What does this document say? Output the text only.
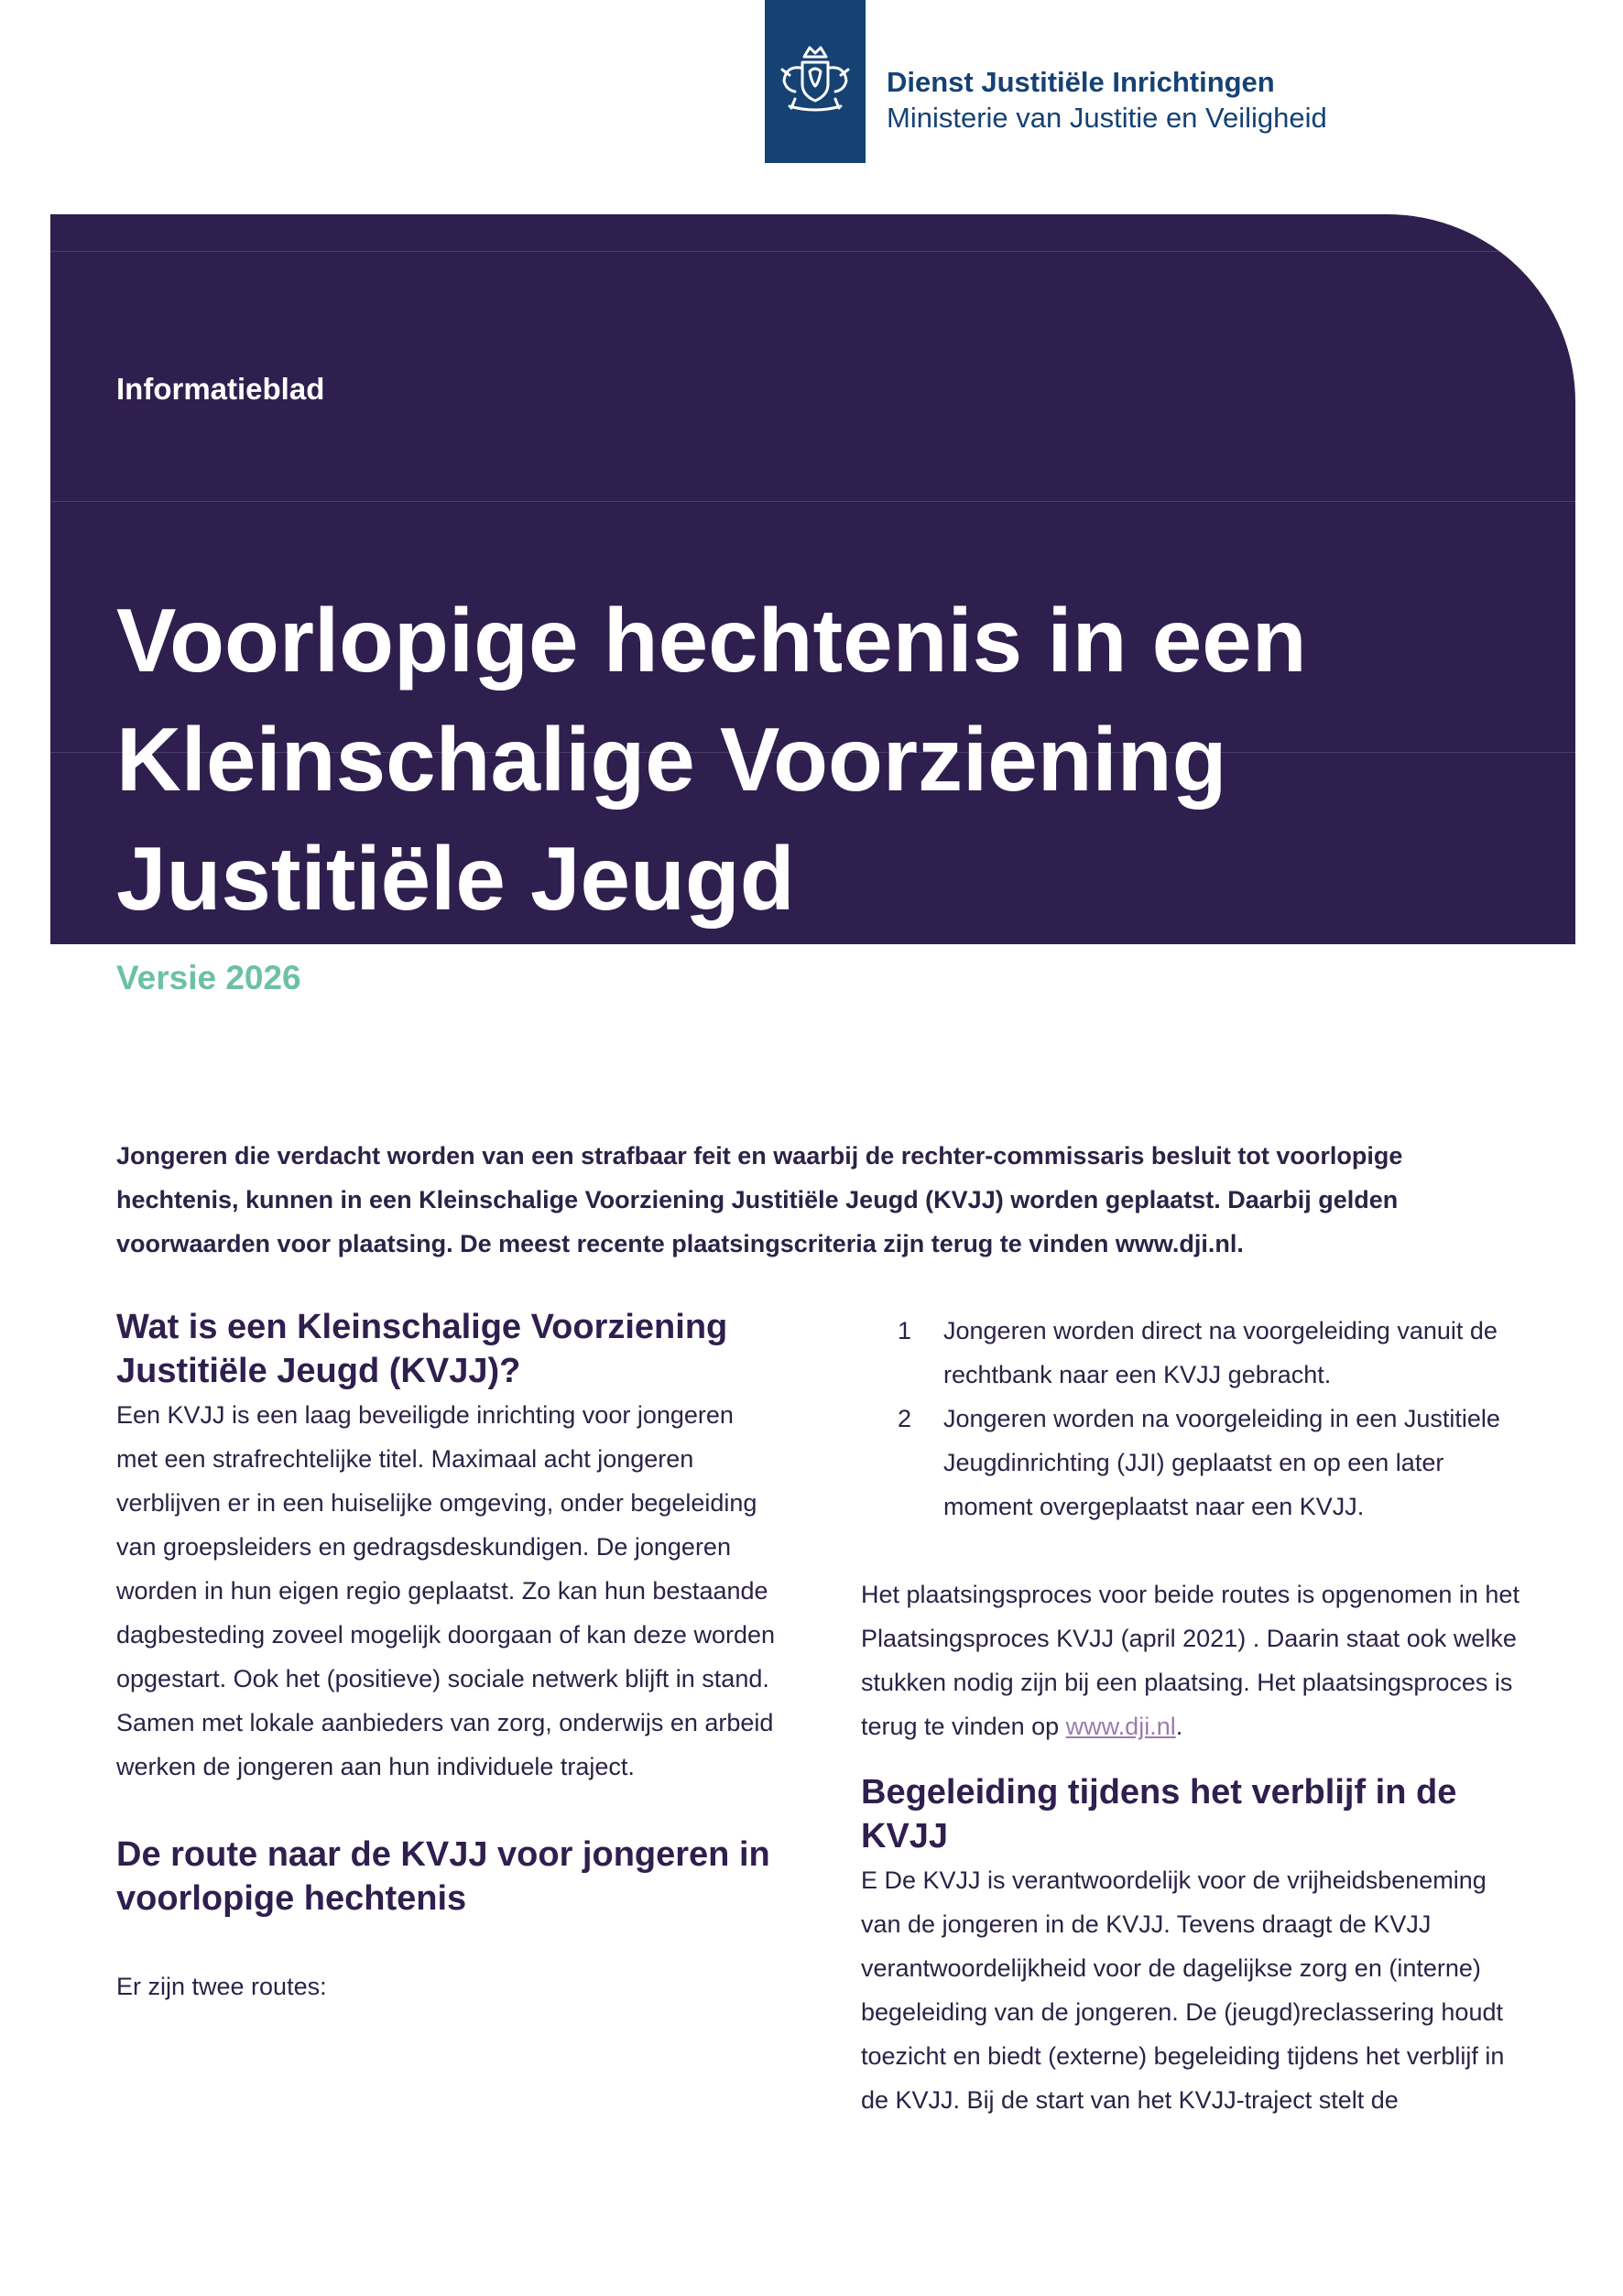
Dienst Justitiële Inrichtingen
Ministerie van Justitie en Veiligheid
Informatieblad
Voorlopige hechtenis in een Kleinschalige Voorziening Justitiële Jeugd
Versie 2026

Jongeren die verdacht worden van een strafbaar feit en waarbij de rechter-commissaris besluit tot voorlopige hechtenis, kunnen in een Kleinschalige Voorziening Justitiële Jeugd (KVJJ) worden geplaatst. Daarbij gelden voorwaarden voor plaatsing. De meest recente plaatsingscriteria zijn terug te vinden www.dji.nl.

Wat is een Kleinschalige Voorziening Justitiële Jeugd (KVJJ)?

Een KVJJ is een laag beveiligde inrichting voor jongeren met een strafrechtelijke titel. Maximaal acht jongeren verblijven er in een huiselijke omgeving, onder begeleiding van groepsleiders en gedragsdeskundigen. De jongeren worden in hun eigen regio geplaatst. Zo kan hun bestaande dagbesteding zoveel mogelijk doorgaan of kan deze worden opgestart. Ook het (positieve) sociale netwerk blijft in stand. Samen met lokale aanbieders van zorg, onderwijs en arbeid werken de jongeren aan hun individuele traject.

De route naar de KVJJ voor jongeren in voorlopige hechtenis

Er zijn twee routes:

1	Jongeren worden direct na voorgeleiding vanuit de rechtbank naar een KVJJ gebracht.
2	Jongeren worden na voorgeleiding in een Justitiele Jeugdinrichting (JJI) geplaatst en op een later moment overgeplaatst naar een KVJJ.

Het plaatsingsproces voor beide routes is opgenomen in het Plaatsingsproces KVJJ (april 2021) . Daarin staat ook welke stukken nodig zijn bij een plaatsing. Het plaatsingsproces is terug te vinden op www.dji.nl.

Begeleiding tijdens het verblijf in de KVJJ

E De KVJJ is verantwoordelijk voor de vrijheidsbeneming van de jongeren in de KVJJ. Tevens draagt de KVJJ verantwoordelijkheid voor de dagelijkse zorg en (interne) begeleiding van de jongeren. De (jeugd)reclassering houdt toezicht en biedt (externe) begeleiding tijdens het verblijf in de KVJJ. Bij de start van het KVJJ-traject stelt de
